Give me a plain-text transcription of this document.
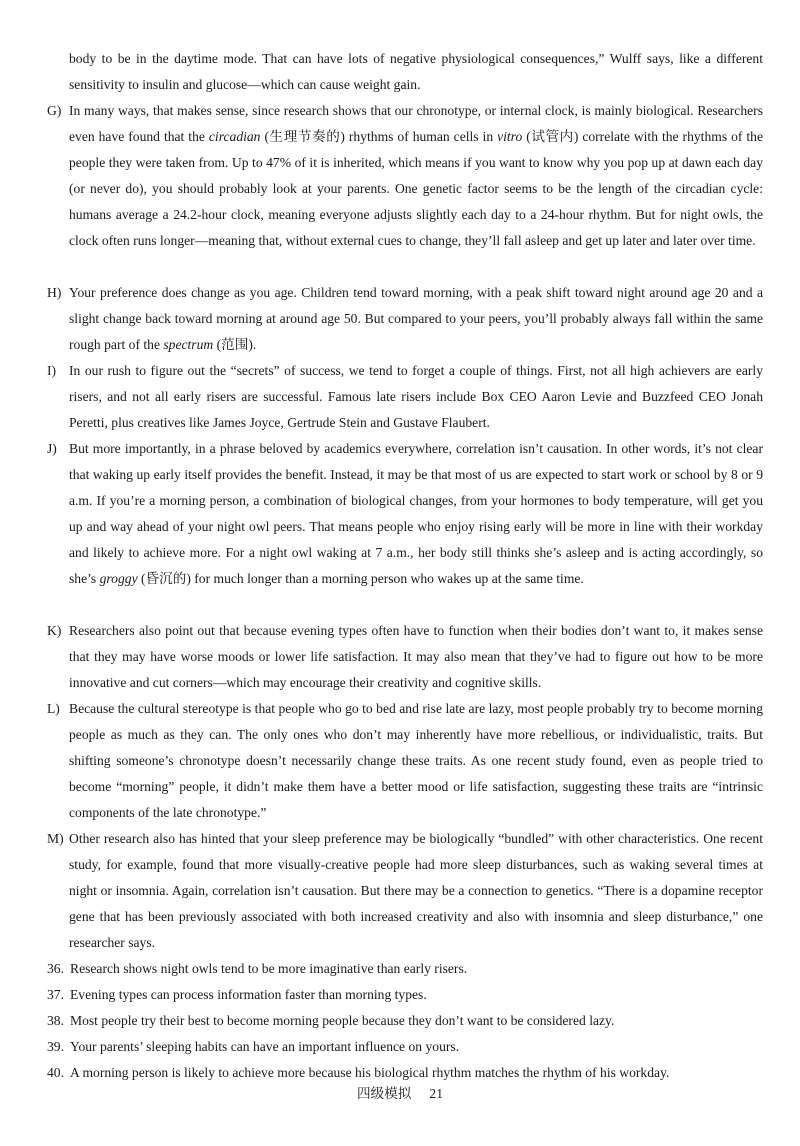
body to be in the daytime mode. That can have lots of negative physiological consequences,” Wulff says, like a different sensitivity to insulin and glucose—which can cause weight gain.
G) In many ways, that makes sense, since research shows that our chronotype, or internal clock, is mainly biological. Researchers even have found that the circadian (生理节奏的) rhythms of human cells in vitro (试管内) correlate with the rhythms of the people they were taken from. Up to 47% of it is inherited, which means if you want to know why you pop up at dawn each day (or never do), you should probably look at your parents. One genetic factor seems to be the length of the circadian cycle: humans average a 24.2-hour clock, meaning everyone adjusts slightly each day to a 24-hour rhythm. But for night owls, the clock often runs longer—meaning that, without external cues to change, they’ll fall asleep and get up later and later over time.
H) Your preference does change as you age. Children tend toward morning, with a peak shift toward night around age 20 and a slight change back toward morning at around age 50. But compared to your peers, you’ll probably always fall within the same rough part of the spectrum (范围).
I) In our rush to figure out the “secrets” of success, we tend to forget a couple of things. First, not all high achievers are early risers, and not all early risers are successful. Famous late risers include Box CEO Aaron Levie and Buzzfeed CEO Jonah Peretti, plus creatives like James Joyce, Gertrude Stein and Gustave Flaubert.
J) But more importantly, in a phrase beloved by academics everywhere, correlation isn’t causation. In other words, it’s not clear that waking up early itself provides the benefit. Instead, it may be that most of us are expected to start work or school by 8 or 9 a.m. If you’re a morning person, a combination of biological changes, from your hormones to body temperature, will get you up and way ahead of your night owl peers. That means people who enjoy rising early will be more in line with their workday and likely to achieve more. For a night owl waking at 7 a.m., her body still thinks she’s asleep and is acting accordingly, so she’s groggy (昏沉的) for much longer than a morning person who wakes up at the same time.
K) Researchers also point out that because evening types often have to function when their bodies don’t want to, it makes sense that they may have worse moods or lower life satisfaction. It may also mean that they’ve had to figure out how to be more innovative and cut corners—which may encourage their creativity and cognitive skills.
L) Because the cultural stereotype is that people who go to bed and rise late are lazy, most people probably try to become morning people as much as they can. The only ones who don’t may inherently have more rebellious, or individualistic, traits. But shifting someone’s chronotype doesn’t necessarily change these traits. As one recent study found, even as people tried to become “morning” people, it didn’t make them have a better mood or life satisfaction, suggesting these traits are “intrinsic components of the late chronotype.”
M) Other research also has hinted that your sleep preference may be biologically “bundled” with other characteristics. One recent study, for example, found that more visually-creative people had more sleep disturbances, such as waking several times at night or insomnia. Again, correlation isn’t causation. But there may be a connection to genetics. “There is a dopamine receptor gene that has been previously associated with both increased creativity and also with insomnia and sleep disturbance,” one researcher says.
36. Research shows night owls tend to be more imaginative than early risers.
37. Evening types can process information faster than morning types.
38. Most people try their best to become morning people because they don’t want to be considered lazy.
39. Your parents’ sleeping habits can have an important influence on yours.
40. A morning person is likely to achieve more because his biological rhythm matches the rhythm of his workday.
四级模拟 21
